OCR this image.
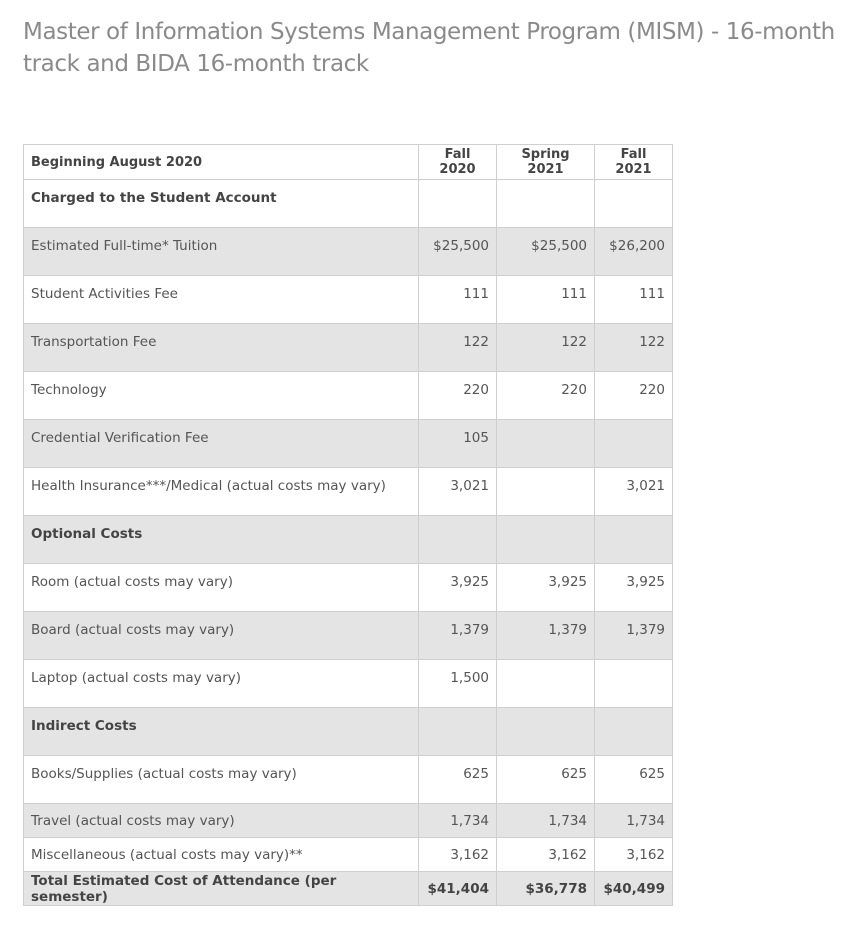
Master of Information Systems Management Program (MISM) - 16-month track and BIDA 16-month track
Beginning August 2020	Fall 2020	Spring 2021	Fall 2021
Charged to the Student Account			
Estimated Full-time* Tuition	$25,500	$25,500	$26,200
Student Activities Fee	111	111	111
Transportation Fee	122	122	122
Technology	220	220	220
Credential Verification Fee	105		
Health Insurance***/Medical (actual costs may vary)	3,021		3,021
Optional Costs			
Room (actual costs may vary)	3,925	3,925	3,925
Board (actual costs may vary)	1,379	1,379	1,379
Laptop (actual costs may vary)	1,500		
Indirect Costs			
Books/Supplies (actual costs may vary)	625	625	625
Travel (actual costs may vary)	1,734	1,734	1,734
Miscellaneous (actual costs may vary)**	3,162	3,162	3,162
Total Estimated Cost of Attendance (per semester)	$41,404	$36,778	$40,499
